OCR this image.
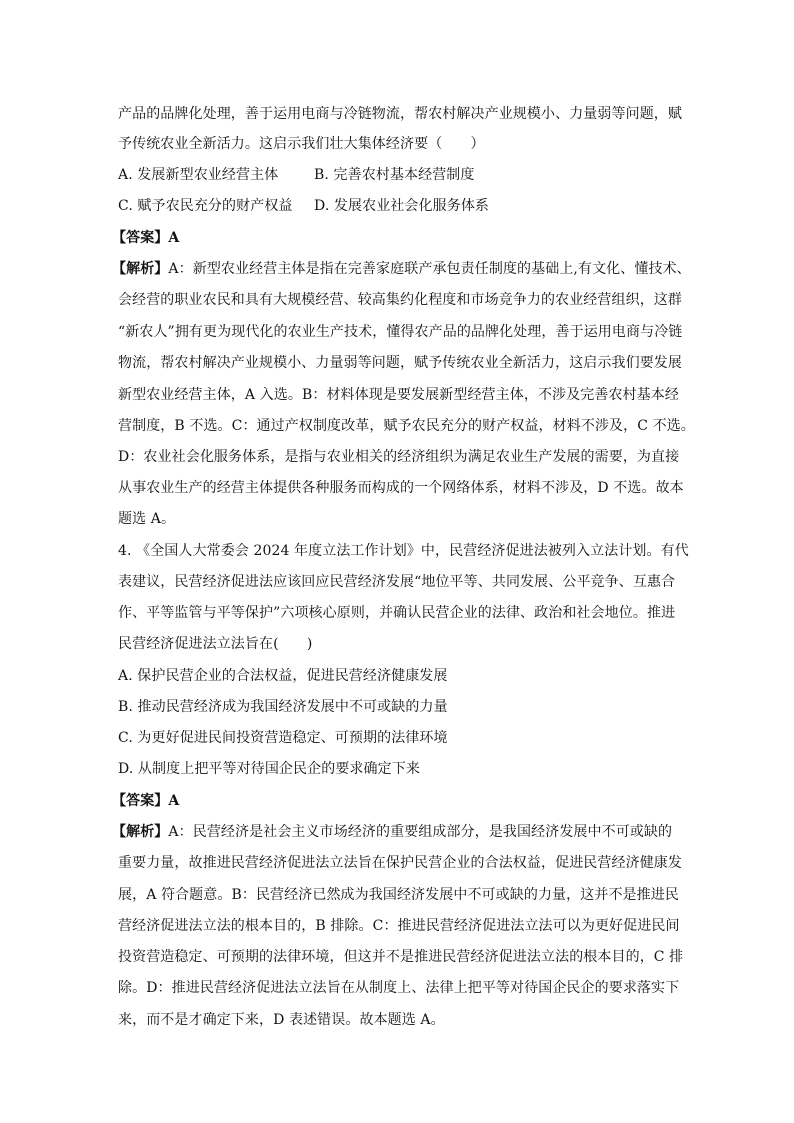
产品的品牌化处理，善于运用电商与冷链物流，帮农村解决产业规模小、力量弱等问题，赋
予传统农业全新活力。这启示我们壮大集体经济要（　　）
A. 发展新型农业经营主体	B. 完善农村基本经营制度
C. 赋予农民充分的财产权益 D. 发展农业社会化服务体系
【答案】A
【解析】A：新型农业经营主体是指在完善家庭联产承包责任制度的基础上,有文化、懂技术、
会经营的职业农民和具有大规模经营、较高集约化程度和市场竞争力的农业经营组织，这群
“新农人”拥有更为现代化的农业生产技术，懂得农产品的品牌化处理，善于运用电商与冷链
物流，帮农村解决产业规模小、力量弱等问题，赋予传统农业全新活力，这启示我们要发展
新型农业经营主体，A 入选。B：材料体现是要发展新型经营主体，不涉及完善农村基本经
营制度，B 不选。C：通过产权制度改革，赋予农民充分的财产权益，材料不涉及，C 不选。
D：农业社会化服务体系，是指与农业相关的经济组织为满足农业生产发展的需要，为直接
从事农业生产的经营主体提供各种服务而构成的一个网络体系，材料不涉及，D 不选。故本
题选 A。
4. 《全国人大常委会 2024 年度立法工作计划》中，民营经济促进法被列入立法计划。有代
表建议，民营经济促进法应该回应民营经济发展“地位平等、共同发展、公平竞争、互惠合
作、平等监管与平等保护”六项核心原则，并确认民营企业的法律、政治和社会地位。推进
民营经济促进法立法旨在(　　)
A. 保护民营企业的合法权益，促进民营经济健康发展
B. 推动民营经济成为我国经济发展中不可或缺的力量
C. 为更好促进民间投资营造稳定、可预期的法律环境
D. 从制度上把平等对待国企民企的要求确定下来
【答案】A
【解析】A：民营经济是社会主义市场经济的重要组成部分，是我国经济发展中不可或缺的
重要力量，故推进民营经济促进法立法旨在保护民营企业的合法权益，促进民营经济健康发
展，A 符合题意。B：民营经济已然成为我国经济发展中不可或缺的力量，这并不是推进民
营经济促进法立法的根本目的，B 排除。C：推进民营经济促进法立法可以为更好促进民间
投资营造稳定、可预期的法律环境，但这并不是推进民营经济促进法立法的根本目的，C 排
除。D：推进民营经济促进法立法旨在从制度上、法律上把平等对待国企民企的要求落实下
来，而不是才确定下来，D 表述错误。故本题选 A。
